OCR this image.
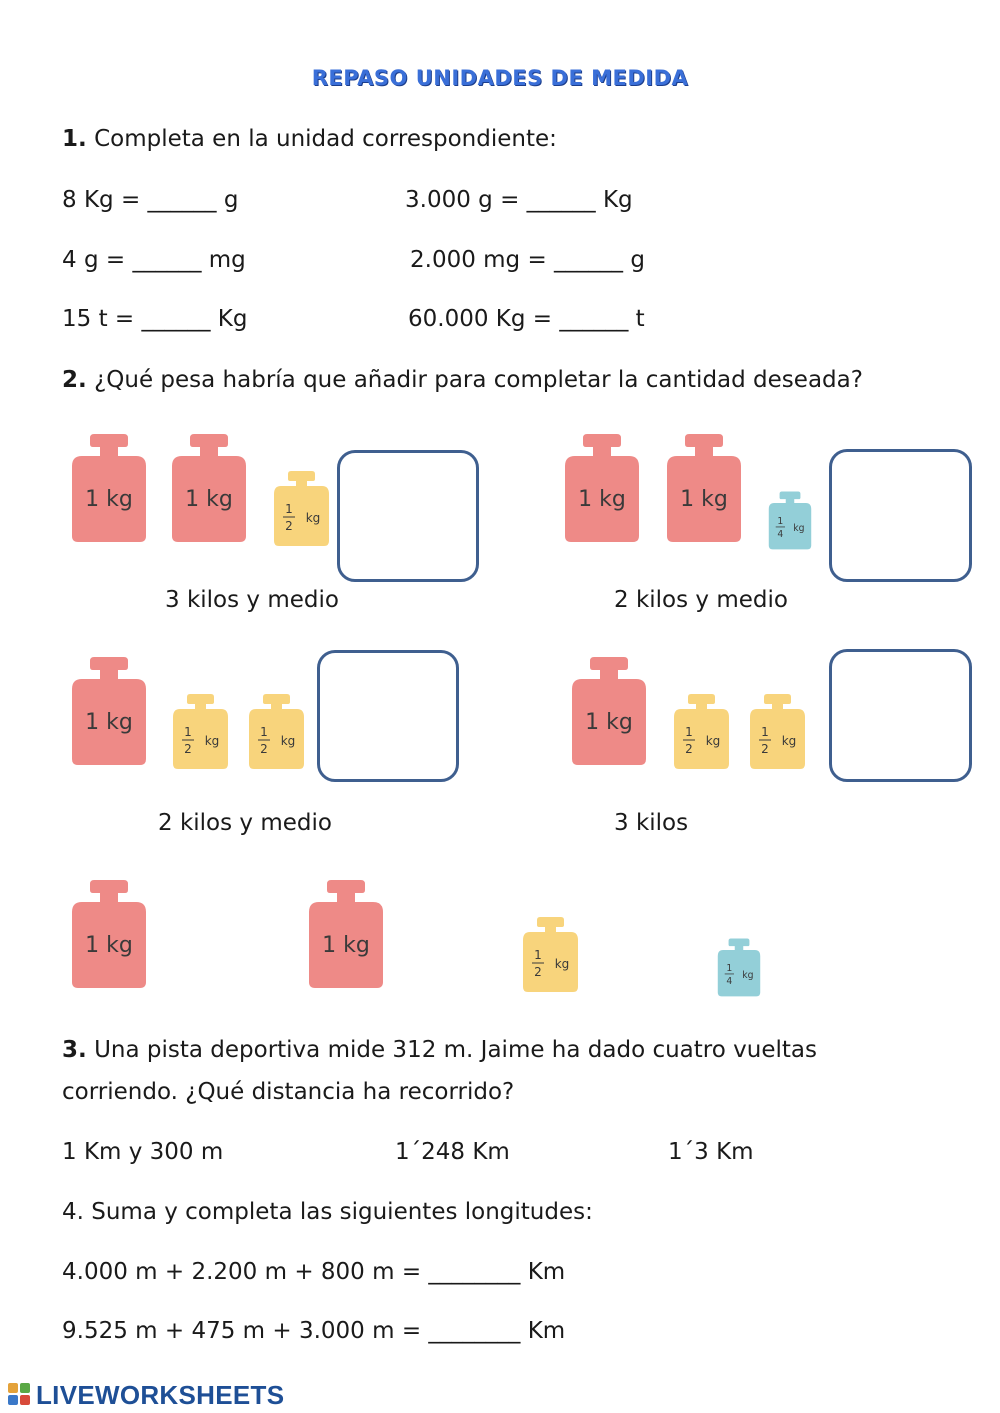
REPASO UNIDADES DE MEDIDA
1. Completa en la unidad correspondiente:
8 Kg = ______ g	3.000 g = ______ Kg
4 g = ______ mg	2.000 mg = ______ g
15 t = ______ Kg	60.000 Kg = ______ t
2. ¿Qué pesa habría que añadir para completar la cantidad deseada?
1 kg 1 kg	1
2
kg
3 kilos y medio
1 kg 1 kg
1
4
kg
2 kilos y medio
1 kg	1
2
kg
1
2
kg
2 kilos y medio
1 kg	1
2
kg
1
2
kg
3 kilos
1 kg	1 kg	1
2
kg	1
4
kg
3. Una pista deportiva mide 312 m. Jaime ha dado cuatro vueltas
corriendo. ¿Qué distancia ha recorrido?
1 Km y 300 m	1´248 Km	1´3 Km
4. Suma y completa las siguientes longitudes:
4.000 m + 2.200 m + 800 m = ________ Km
9.525 m + 475 m + 3.000 m = ________ Km
LIVEWORKSHEETS
